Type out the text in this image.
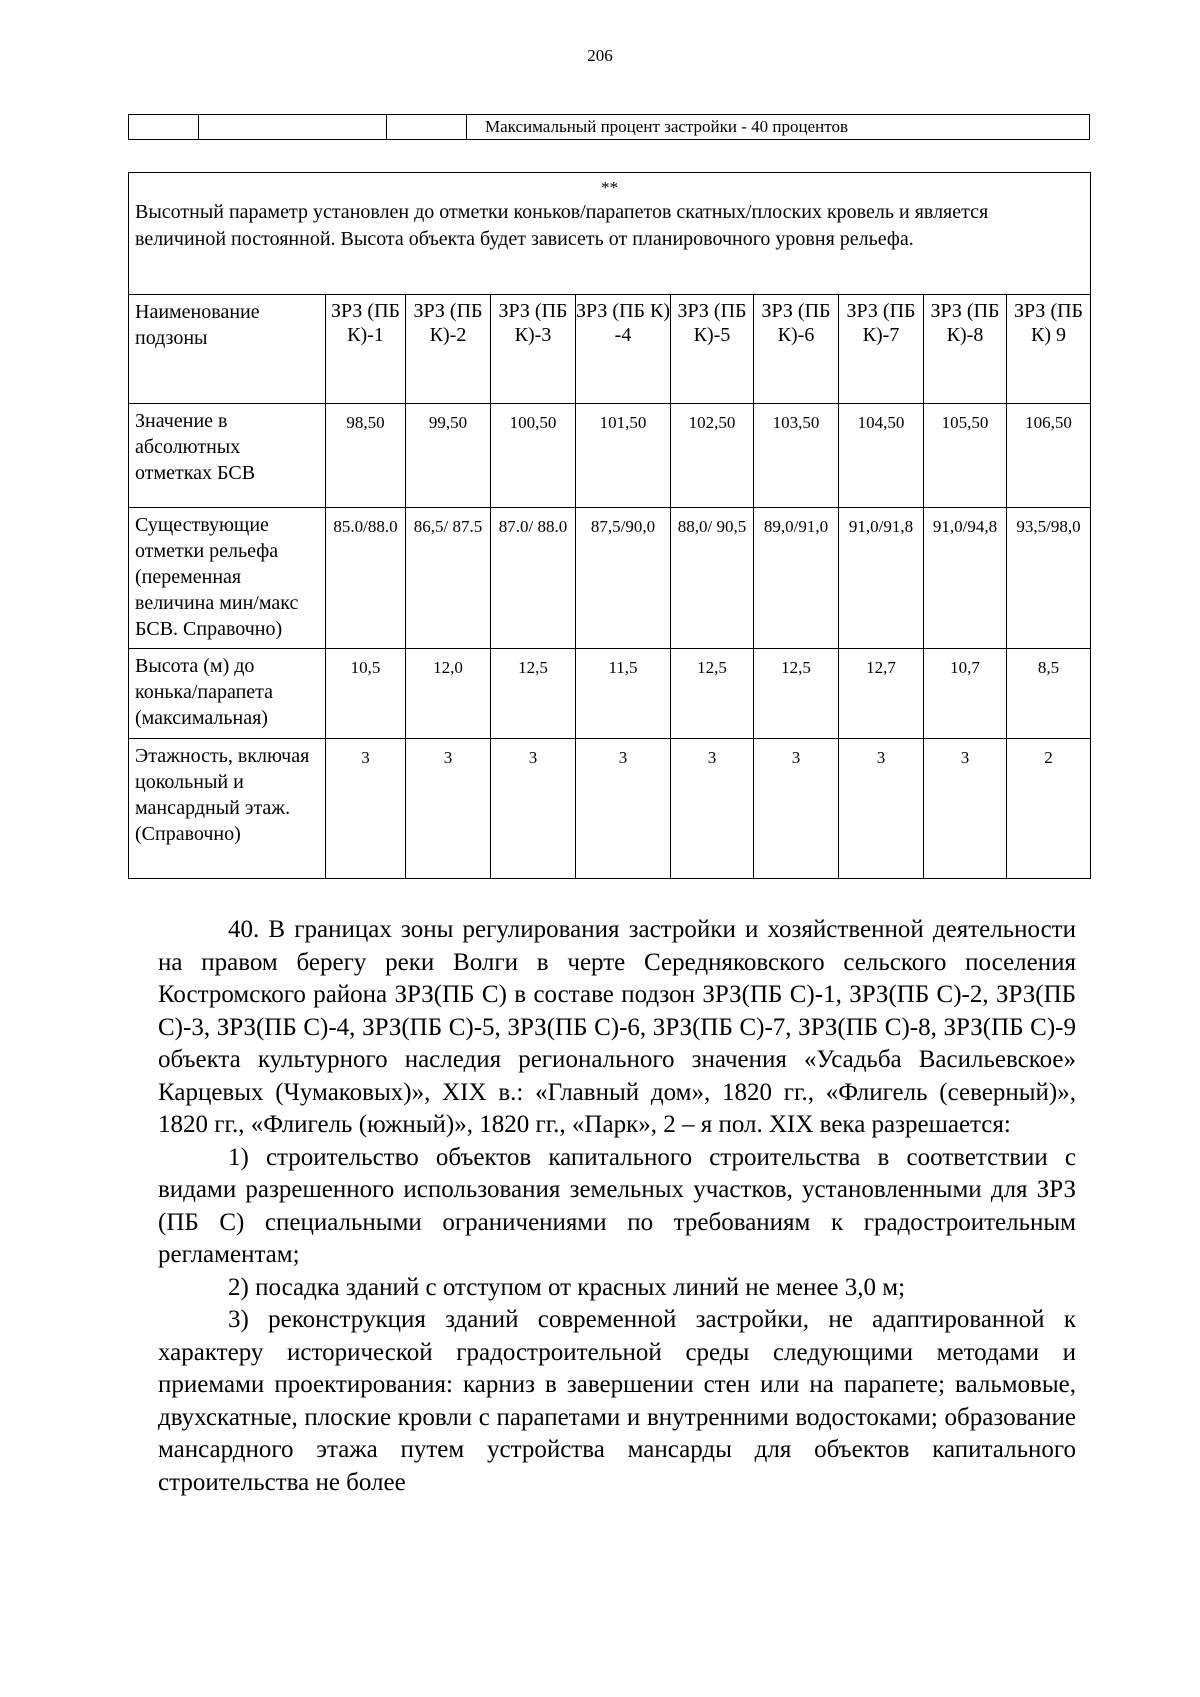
206
			Максимальный процент застройки - 40 процентов
**
Высотный параметр установлен до отметки коньков/парапетов скатных/плоских кровель и является величиной постоянной. Высота объекта будет зависеть от планировочного уровня рельефа.									

Наименование подзоны	ЗРЗ (ПБ К)-1	ЗРЗ (ПБ К)-2	ЗРЗ (ПБ К)-3	ЗРЗ (ПБ К) -4	ЗРЗ (ПБ К)-5	ЗРЗ (ПБ К)-6	ЗРЗ (ПБ К)-7	ЗРЗ (ПБ К)-8	ЗРЗ (ПБ К) 9
Значение в абсолютных отметках БСВ	98,50	99,50	100,50	101,50	102,50	103,50	104,50	105,50	106,50
Существующие отметки рельефа (переменная величина мин/макс БСВ. Справочно)	85.0/88.0	86,5/ 87.5	87.0/ 88.0	87,5/90,0	88,0/ 90,5	89,0/91,0	91,0/91,8	91,0/94,8	93,5/98,0
Высота (м) до конька/парапета (максимальная)	10,5	12,0	12,5	11,5	12,5	12,5	12,7	10,7	8,5
Этажность, включая цокольный и мансардный этаж. (Справочно)	3	3	3	3	3	3	3	3	2

40. В границах зоны регулирования застройки и хозяйственной деятельности на правом берегу реки Волги в черте Середняковского сельского поселения Костромского района ЗРЗ(ПБ С) в составе подзон ЗРЗ(ПБ С)-1, ЗРЗ(ПБ С)-2, ЗРЗ(ПБ С)-3, ЗРЗ(ПБ С)-4, ЗРЗ(ПБ С)-5, ЗРЗ(ПБ С)-6, ЗРЗ(ПБ С)-7, ЗРЗ(ПБ С)-8, ЗРЗ(ПБ С)-9 объекта культурного наследия регионального значения «Усадьба Васильевское» Карцевых (Чумаковых)», XIX в.: «Главный дом», 1820 гг., «Флигель (северный)», 1820 гг., «Флигель (южный)», 1820 гг., «Парк», 2 – я пол. XIX века разрешается:

1) строительство объектов капитального строительства в соответствии с видами разрешенного использования земельных участков, установленными для ЗРЗ (ПБ С) специальными ограничениями по требованиям к градостроительным регламентам;

2) посадка зданий с отступом от красных линий не менее 3,0 м;

3) реконструкция зданий современной застройки, не адаптированной к характеру исторической градостроительной среды следующими методами и приемами проектирования: карниз в завершении стен или на парапете; вальмовые, двухскатные, плоские кровли с парапетами и внутренними водостоками; образование мансардного этажа путем устройства мансарды для объектов капитального строительства не более
